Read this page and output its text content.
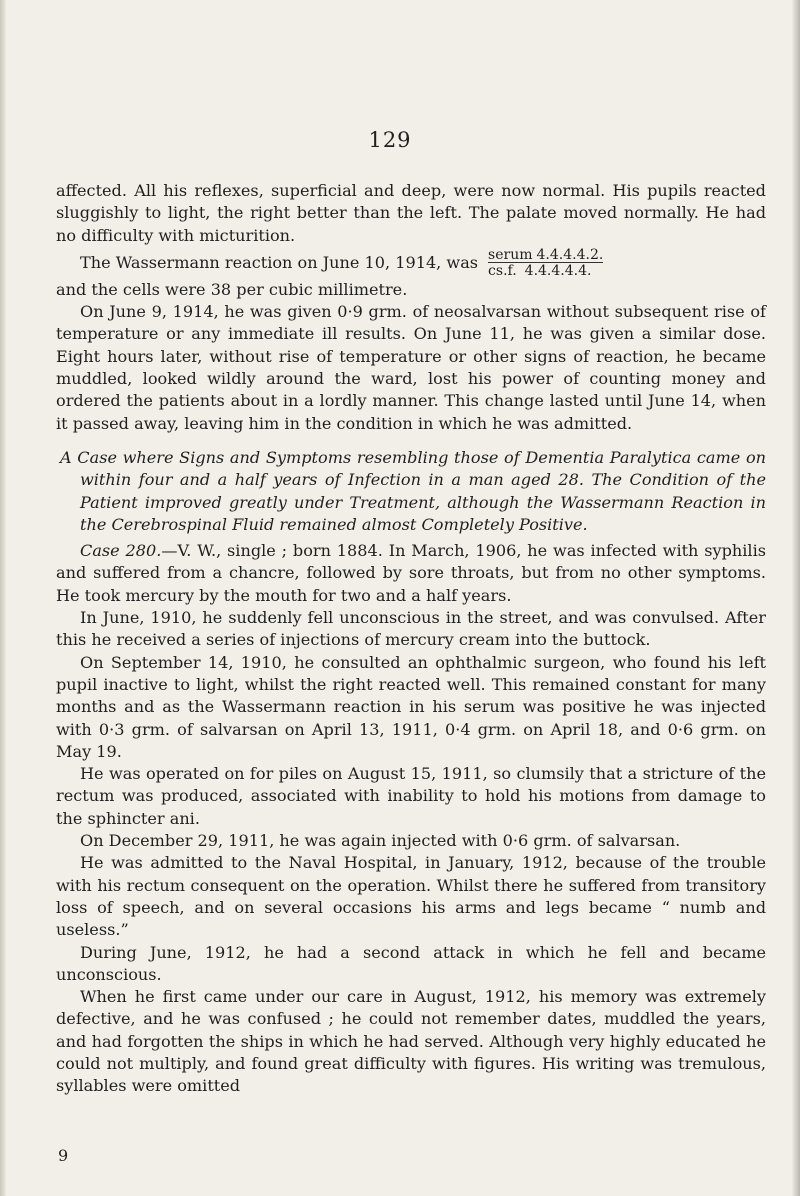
129

affected. All his reflexes, superficial and deep, were now normal. His pupils reacted sluggishly to light, the right better than the left. The palate moved normally. He had no difficulty with micturition.

The Wassermann reaction on June 10, 1914, was $\frac{\text{serum 4.4.4.4.2.}}{cs.f. 4.4.4.4.4.}$

and the cells were 38 per cubic millimetre.

On June 9, 1914, he was given 0·9 grm. of neosalvarsan without subsequent rise of temperature or any immediate ill results. On June 11, he was given a similar dose. Eight hours later, without rise of temperature or other signs of reaction, he became muddled, looked wildly around the ward, lost his power of counting money and ordered the patients about in a lordly manner. This change lasted until June 14, when it passed away, leaving him in the condition in which he was admitted.

A Case where Signs and Symptoms resembling those of Dementia Paralytica came on within four and a half years of Infection in a man aged 28. The Condition of the Patient improved greatly under Treatment, although the Wassermann Reaction in the Cerebrospinal Fluid remained almost Completely Positive.

Case 280.—V. W., single ; born 1884. In March, 1906, he was infected with syphilis and suffered from a chancre, followed by sore throats, but from no other symptoms. He took mercury by the mouth for two and a half years.

In June, 1910, he suddenly fell unconscious in the street, and was convulsed. After this he received a series of injections of mercury cream into the buttock.

On September 14, 1910, he consulted an ophthalmic surgeon, who found his left pupil inactive to light, whilst the right reacted well. This remained constant for many months and as the Wassermann reaction in his serum was positive he was injected with 0·3 grm. of salvarsan on April 13, 1911, 0·4 grm. on April 18, and 0·6 grm. on May 19.

He was operated on for piles on August 15, 1911, so clumsily that a stricture of the rectum was produced, associated with inability to hold his motions from damage to the sphincter ani.

On December 29, 1911, he was again injected with 0·6 grm. of salvarsan.

He was admitted to the Naval Hospital, in January, 1912, because of the trouble with his rectum consequent on the operation. Whilst there he suffered from transitory loss of speech, and on several occasions his arms and legs became “ numb and useless.”

During June, 1912, he had a second attack in which he fell and became unconscious.

When he first came under our care in August, 1912, his memory was extremely defective, and he was confused ; he could not remember dates, muddled the years, and had forgotten the ships in which he had served. Although very highly educated he could not multiply, and found great difficulty with figures. His writing was tremulous, syllables were omitted

9
